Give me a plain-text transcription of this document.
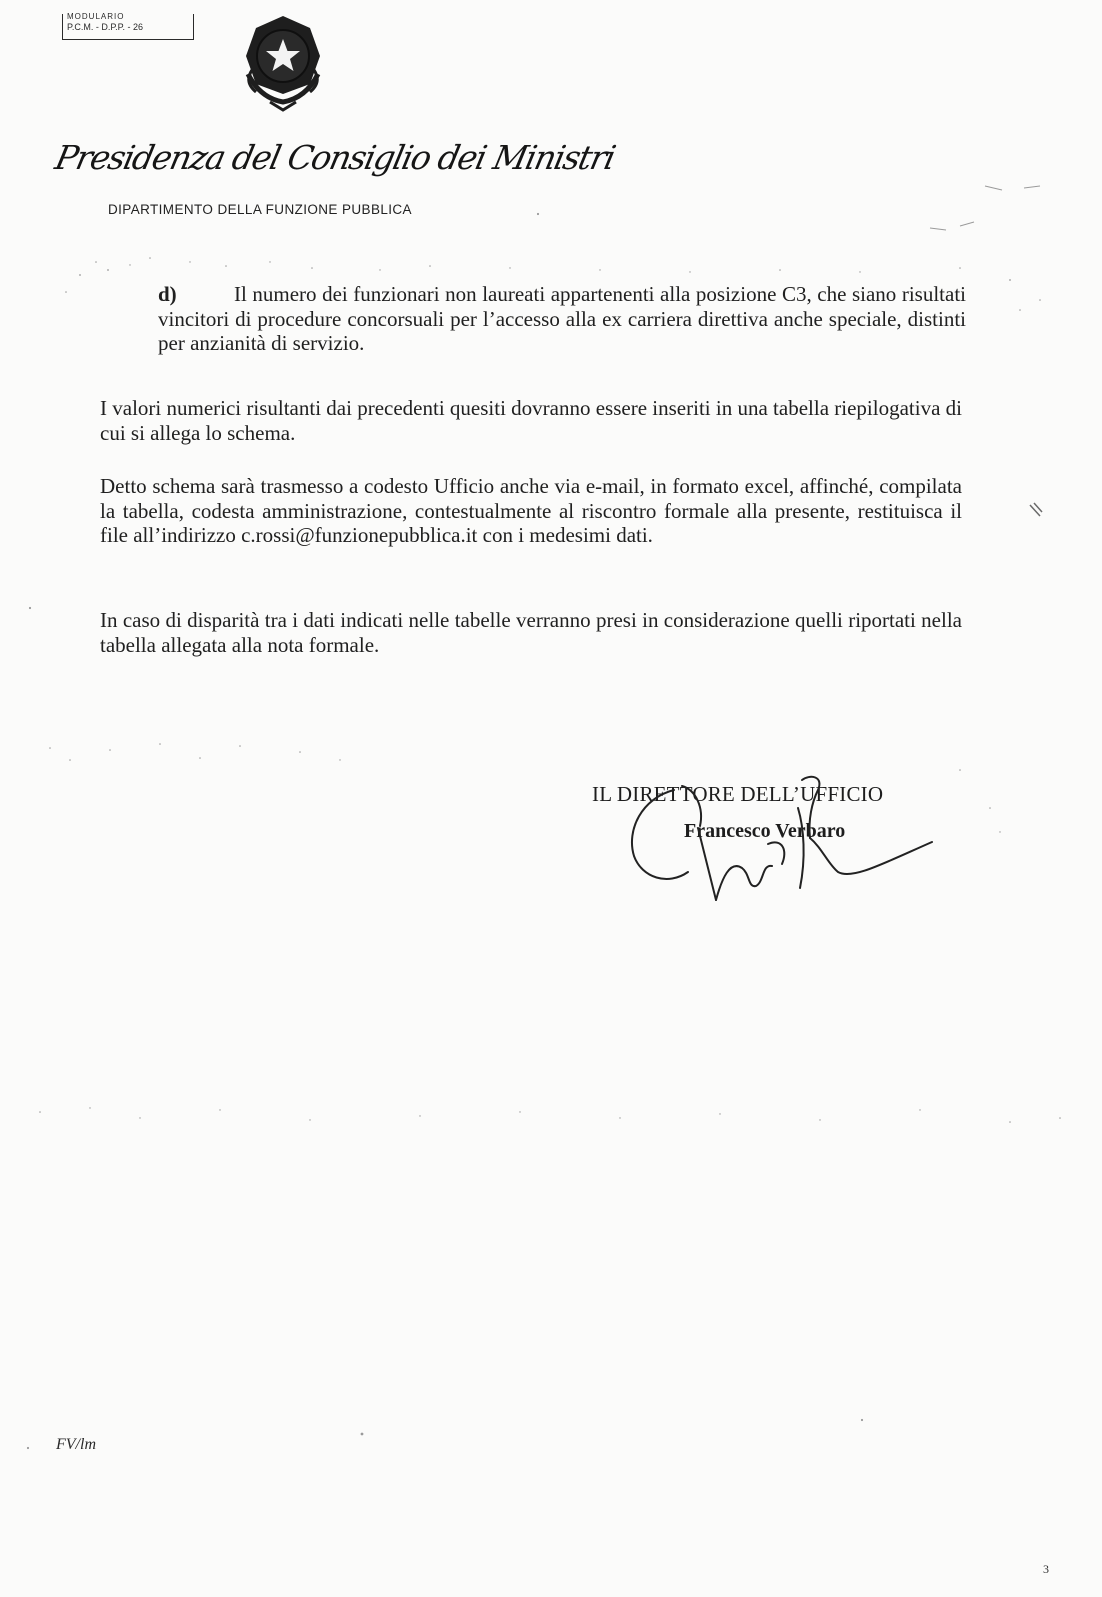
MODULARIO
P.C.M. - D.P.P. - 26
Presidenza del Consiglio dei Ministri
DIPARTIMENTO DELLA FUNZIONE PUBBLICA
d)	Il numero dei funzionari non laureati appartenenti alla posizione C3, che siano risultati vincitori di procedure concorsuali per l’accesso alla ex carriera direttiva anche speciale, distinti per anzianità di servizio.
I valori numerici risultanti dai precedenti quesiti dovranno essere inseriti in una tabella riepilogativa di cui si allega lo schema.
Detto schema sarà trasmesso a codesto Ufficio anche via e-mail, in formato excel, affinché, compilata la tabella, codesta amministrazione, contestualmente al riscontro formale alla presente, restituisca il file all’indirizzo c.rossi@funzionepubblica.it con i medesimi dati.
In caso di disparità tra i dati indicati nelle tabelle verranno presi in considerazione quelli riportati nella tabella allegata alla nota formale.
IL DIRETTORE DELL’UFFICIO
Francesco Verbaro
FV/lm
3
